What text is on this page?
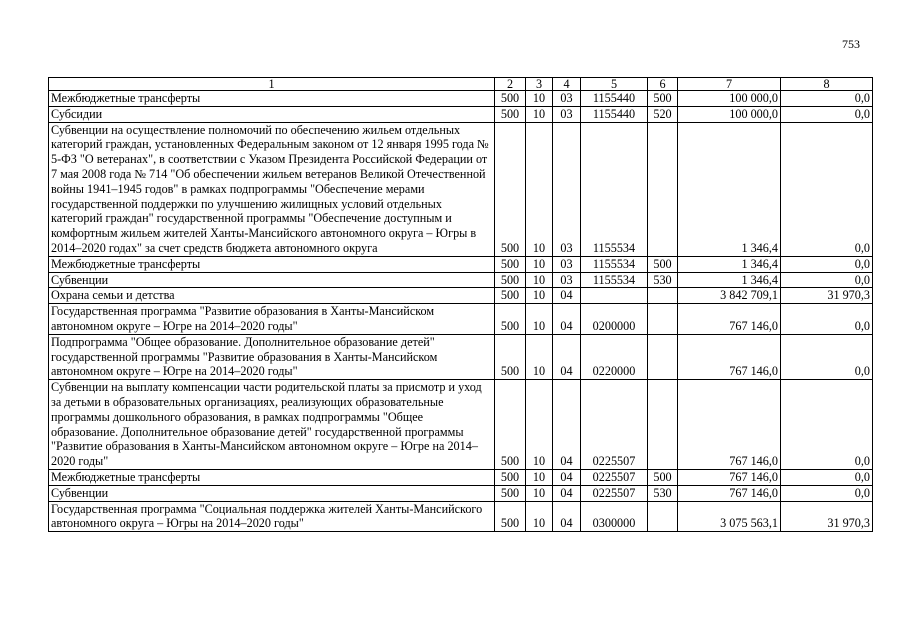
753
1	2	3	4	5	6	7	8
Межбюджетные трансферты	500	10	03	1155440	500	100 000,0	0,0
Субсидии	500	10	03	1155440	520	100 000,0	0,0
Субвенции на осуществление полномочий по обеспечению жильем отдельных категорий граждан, установленных Федеральным законом от 12 января 1995 года № 5-ФЗ "О ветеранах", в соответствии с Указом Президента Российской Федерации от 7 мая 2008 года № 714 "Об обеспечении жильем ветеранов Великой Отечественной войны 1941–1945 годов" в рамках подпрограммы "Обеспечение мерами государственной поддержки по улучшению жилищных условий отдельных категорий граждан" государственной программы "Обеспечение доступным и комфортным жильем жителей Ханты-Мансийского автономного округа – Югры в 2014–2020 годах" за счет средств бюджета автономного округа	500	10	03	1155534		1 346,4	0,0
Межбюджетные трансферты	500	10	03	1155534	500	1 346,4	0,0
Субвенции	500	10	03	1155534	530	1 346,4	0,0
Охрана семьи и детства	500	10	04			3 842 709,1	31 970,3
Государственная программа "Развитие образования в Ханты-Мансийском автономном округе – Югре на 2014–2020 годы"	500	10	04	0200000		767 146,0	0,0
Подпрограмма "Общее образование. Дополнительное образование детей" государственной программы "Развитие образования в Ханты-Мансийском автономном округе – Югре на 2014–2020 годы"	500	10	04	0220000		767 146,0	0,0
Субвенции на выплату компенсации части родительской платы за присмотр и уход за детьми в образовательных организациях, реализующих образовательные программы дошкольного образования, в рамках подпрограммы "Общее образование. Дополнительное образование детей" государственной программы "Развитие образования в Ханты-Мансийском автономном округе – Югре на 2014–2020 годы"	500	10	04	0225507		767 146,0	0,0
Межбюджетные трансферты	500	10	04	0225507	500	767 146,0	0,0
Субвенции	500	10	04	0225507	530	767 146,0	0,0
Государственная программа "Социальная поддержка жителей Ханты-Мансийского автономного округа – Югры на 2014–2020 годы"	500	10	04	0300000		3 075 563,1	31 970,3
